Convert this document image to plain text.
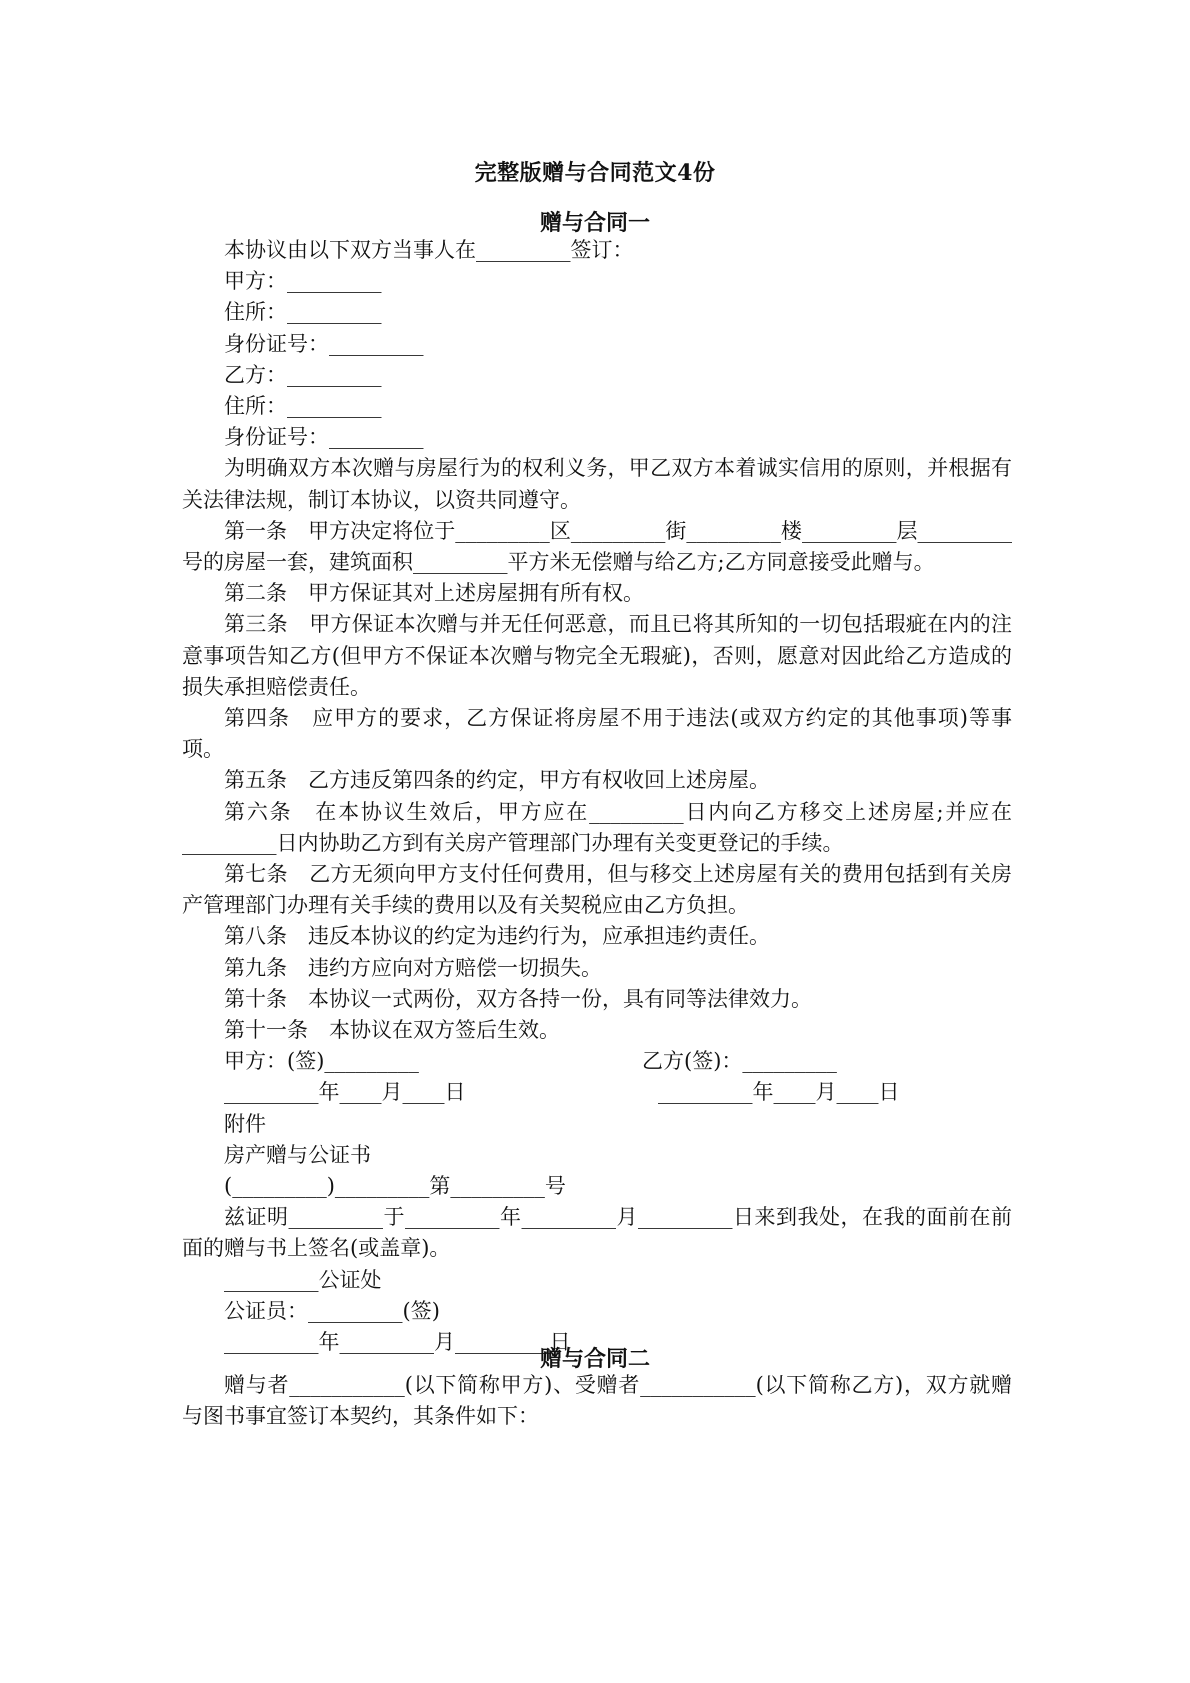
完整版赠与合同范文4份
赠与合同一

本协议由以下双方当事人在_________签订：

甲方：_________

住所：_________

身份证号：_________

乙方：_________

住所：_________

身份证号：_________

为明确双方本次赠与房屋行为的权利义务，甲乙双方本着诚实信用的原则，并根据有关法律法规，制订本协议，以资共同遵守。

第一条　甲方决定将位于_________区_________街_________楼_________层_________号的房屋一套，建筑面积_________平方米无偿赠与给乙方;乙方同意接受此赠与。

第二条　甲方保证其对上述房屋拥有所有权。

第三条　甲方保证本次赠与并无任何恶意，而且已将其所知的一切包括瑕疵在内的注意事项告知乙方(但甲方不保证本次赠与物完全无瑕疵)，否则，愿意对因此给乙方造成的损失承担赔偿责任。

第四条　应甲方的要求，乙方保证将房屋不用于违法(或双方约定的其他事项)等事项。

第五条　乙方违反第四条的约定，甲方有权收回上述房屋。

第六条　在本协议生效后，甲方应在_________日内向乙方移交上述房屋;并应在_________日内协助乙方到有关房产管理部门办理有关变更登记的手续。

第七条　乙方无须向甲方支付任何费用，但与移交上述房屋有关的费用包括到有关房产管理部门办理有关手续的费用以及有关契税应由乙方负担。

第八条　违反本协议的约定为违约行为，应承担违约责任。

第九条　违约方应向对方赔偿一切损失。

第十条　本协议一式两份，双方各持一份，具有同等法律效力。

第十一条　本协议在双方签后生效。

甲方：(签)_________	乙方(签)：_________
_________年____月____日	_________年____月____日

附件

房产赠与公证书

(_________)_________第_________号

兹证明_________于_________年_________月_________日来到我处，在我的面前在前面的赠与书上签名(或盖章)。

_________公证处

公证员：_________(签)

_________年_________月_________日

赠与合同二

赠与者___________(以下简称甲方)、受赠者___________(以下简称乙方)，双方就赠与图书事宜签订本契约，其条件如下：
